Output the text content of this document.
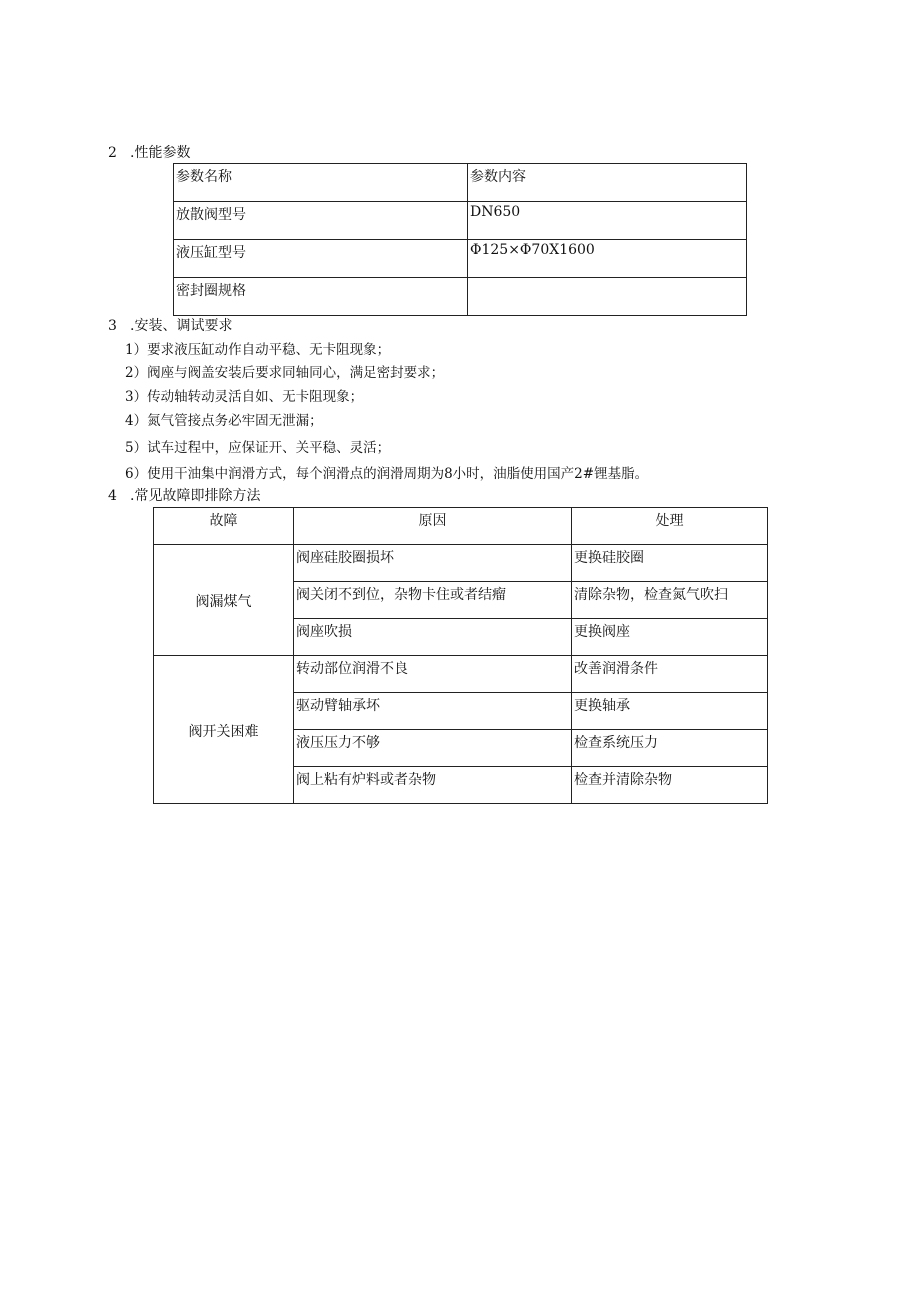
2 .性能参数
参数名称	参数内容
放散阀型号	DN650
液压缸型号	Φ125×Φ70X1600
密封圈规格	
3 .安装、调试要求
1）要求液压缸动作自动平稳、无卡阻现象；
2）阀座与阀盖安装后要求同轴同心，满足密封要求；
3）传动轴转动灵活自如、无卡阻现象；
4）氮气管接点务必牢固无泄漏；
5）试车过程中，应保证开、关平稳、灵活；
6）使用干油集中润滑方式，每个润滑点的润滑周期为8小时，油脂使用国产2#锂基脂。
4 .常见故障即排除方法
故障	原因	处理
阀漏煤气	阀座硅胶圈损坏	更换硅胶圈
	阀关闭不到位，杂物卡住或者结瘤	清除杂物，检查氮气吹扫
	阀座吹损	更换阀座
阀开关困难	转动部位润滑不良	改善润滑条件
	驱动臂轴承坏	更换轴承
	液压压力不够	检查系统压力
	阀上粘有炉料或者杂物	检查并清除杂物
